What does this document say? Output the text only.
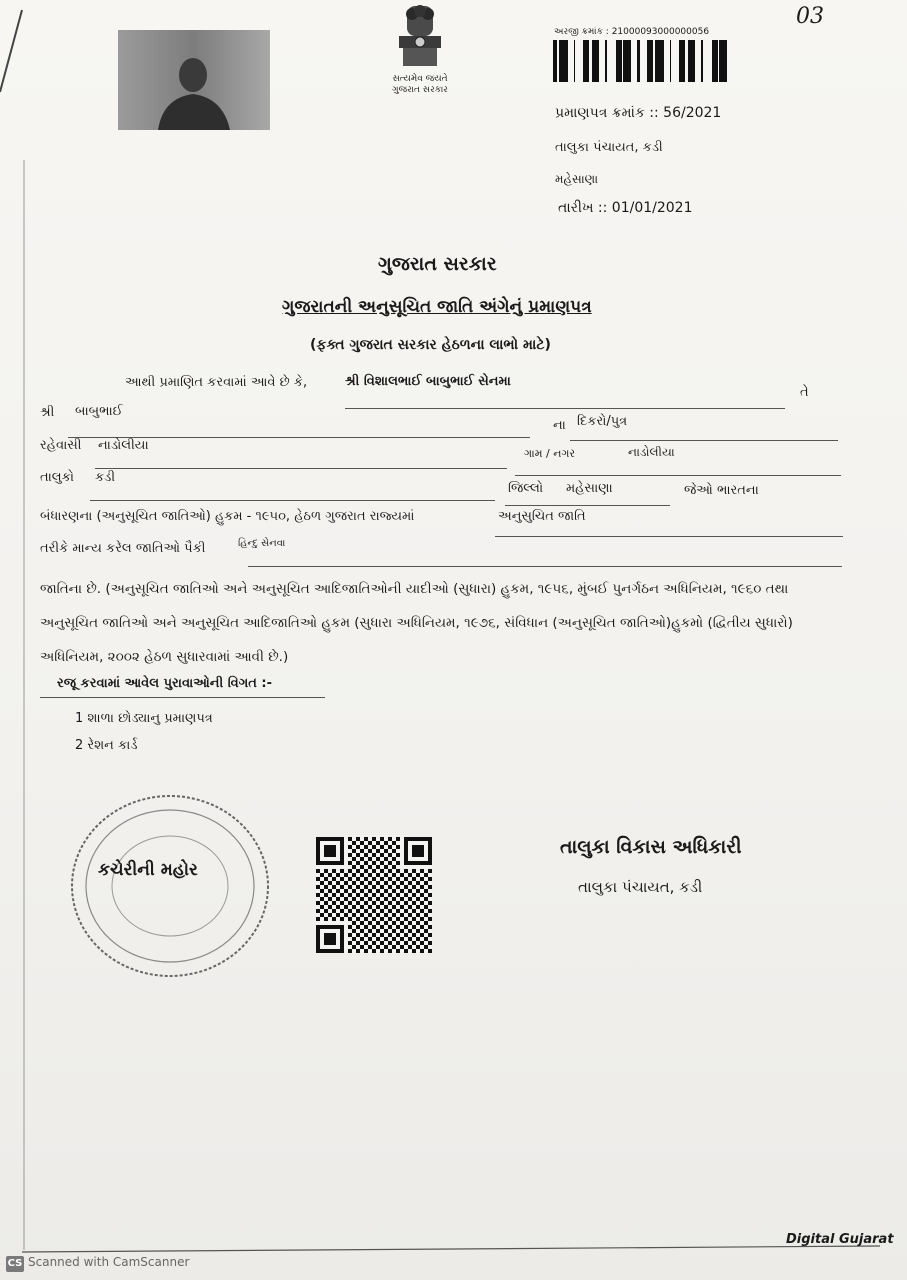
સત્યમેવ જયતે
ગુજરાત સરકાર
03
અરજી ક્રમાંક : 21000093000000056
પ્રમાણપત્ર ક્રમાંક :: 56/2021
તાલુકા પંચાયત, કડી
મહેસાણા
તારીખ :: 01/01/2021
ગુજરાત સરકાર
ગુજરાતની અનુસૂચિત જાતિ અંગેનું પ્રમાણપત્ર
(ફક્ત ગુજરાત સરકાર હેઠળના લાભો માટે)
આથી પ્રમાણિત કરવામાં આવે છે કે,	શ્રી વિશાલભાઈ બાબુભાઈ સેનમા
તે
શ્રી બાબુભાઈ
ના દિકરો/પુત્ર
રહેવાસી નાડોલીયા
ગામ / નગર	નાડોલીયા
તાલુકો કડી
જિલ્લો મહેસાણા	જેઓ ભારતના
બંધારણના (અનુસૂચિત જાતિઓ) હુકમ - ૧૯૫૦, હેઠળ ગુજરાત રાજ્યમાં	અનુસુચિત જાતિ
તરીકે માન્ય કરેલ જાતિઓ પૈકી	હિન્દુ સેનવા
જાતિના છે. (અનુસૂચિત જાતિઓ અને અનુસૂચિત આદિજાતિઓની યાદીઓ (સુધારા) હુકમ, ૧૯૫૬, મુંબઈ પુનર્ગઠન અધિનિયમ, ૧૯૬૦ તથા અનુસૂચિત જાતિઓ અને અનુસૂચિત આદિજાતિઓ હુકમ (સુધારા અધિનિયમ, ૧૯૭૬, સંવિધાન (અનુસૂચિત જાતિઓ)હુકમો (દ્વિતીય સુધારો) અધિનિયમ, ૨૦૦૨ હેઠળ સુધારવામાં આવી છે.)
રજૂ કરવામાં આવેલ પુરાવાઓની વિગત :-
1 શાળા છોડ્યાનુ પ્રમાણપત્ર
2 રેશન કાર્ડ
કચેરીની મહોર
તાલુકા વિકાસ અધિકારી
તાલુકા પંચાયત, કડી
Digital Gujarat
CS Scanned with CamScanner
